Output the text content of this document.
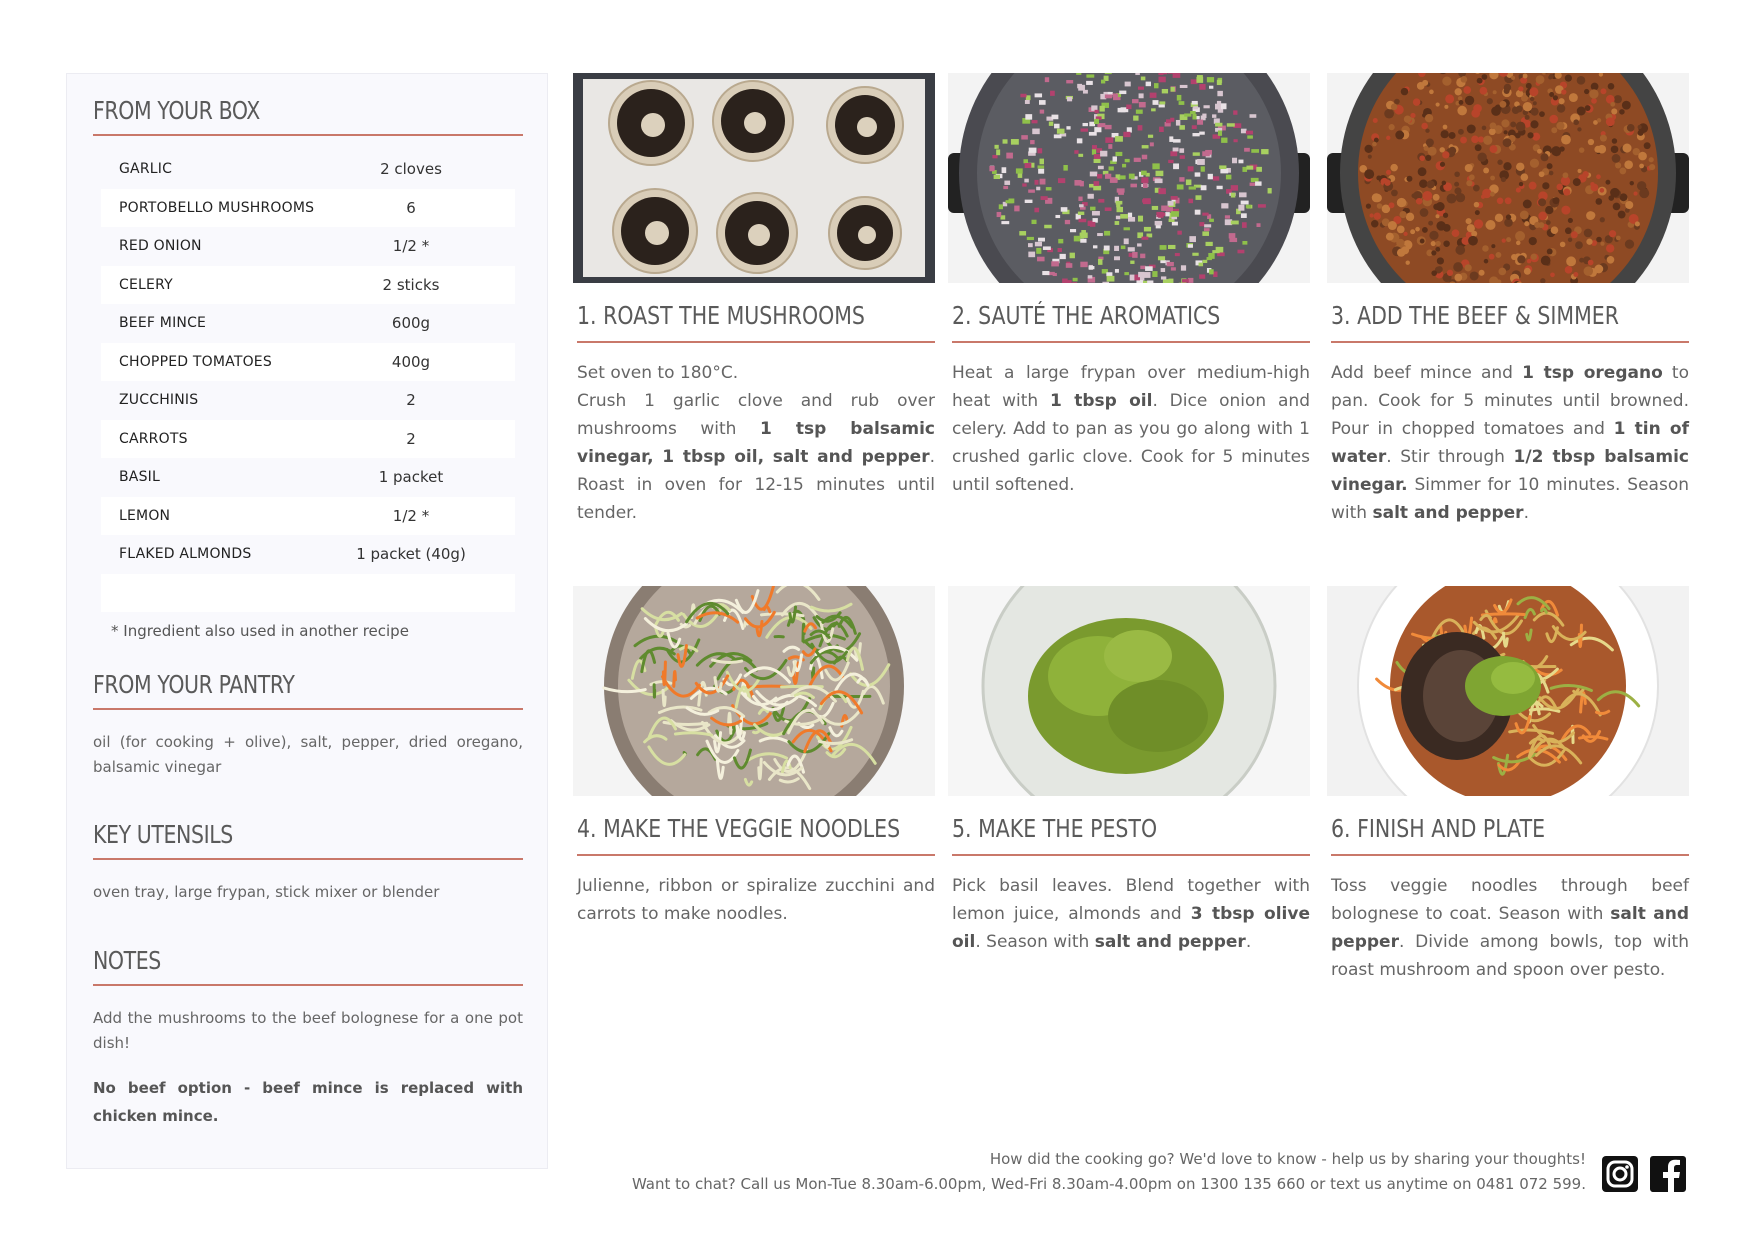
FROM YOUR BOX
GARLIC	2 cloves
PORTOBELLO MUSHROOMS	6
RED ONION	1/2 *
CELERY	2 sticks
BEEF MINCE	600g
CHOPPED TOMATOES	400g
ZUCCHINIS	2
CARROTS	2
BASIL	1 packet
LEMON	1/2 *
FLAKED ALMONDS	1 packet (40g)
* Ingredient also used in another recipe
FROM YOUR PANTRY

oil (for cooking + olive), salt, pepper, dried oregano, balsamic vinegar

KEY UTENSILS

oven tray, large frypan, stick mixer or blender

NOTES

Add the mushrooms to the beef bolognese for a one pot dish!

No beef option - beef mince is replaced with chicken mince.

1. ROAST THE MUSHROOMS

Set oven to 180°C.
Crush 1 garlic clove and rub over mushrooms with 1 tsp balsamic vinegar, 1 tbsp oil, salt and pepper. Roast in oven for 12-15 minutes until tender.

2. SAUTÉ THE AROMATICS

Heat a large frypan over medium-high heat with 1 tbsp oil. Dice onion and celery. Add to pan as you go along with 1 crushed garlic clove. Cook for 5 minutes until softened.

3. ADD THE BEEF & SIMMER

Add beef mince and 1 tsp oregano to pan. Cook for 5 minutes until browned. Pour in chopped tomatoes and 1 tin of water. Stir through 1/2 tbsp balsamic vinegar. Simmer for 10 minutes. Season with salt and pepper.

4. MAKE THE VEGGIE NOODLES

Julienne, ribbon or spiralize zucchini and carrots to make noodles.

5. MAKE THE PESTO

Pick basil leaves. Blend together with lemon juice, almonds and 3 tbsp olive oil. Season with salt and pepper.

6. FINISH AND PLATE

Toss veggie noodles through beef bolognese to coat. Season with salt and pepper. Divide among bowls, top with roast mushroom and spoon over pesto.

How did the cooking go? We'd love to know - help us by sharing your thoughts!
Want to chat? Call us Mon-Tue 8.30am-6.00pm, Wed-Fri 8.30am-4.00pm on 1300 135 660 or text us anytime on 0481 072 599.
